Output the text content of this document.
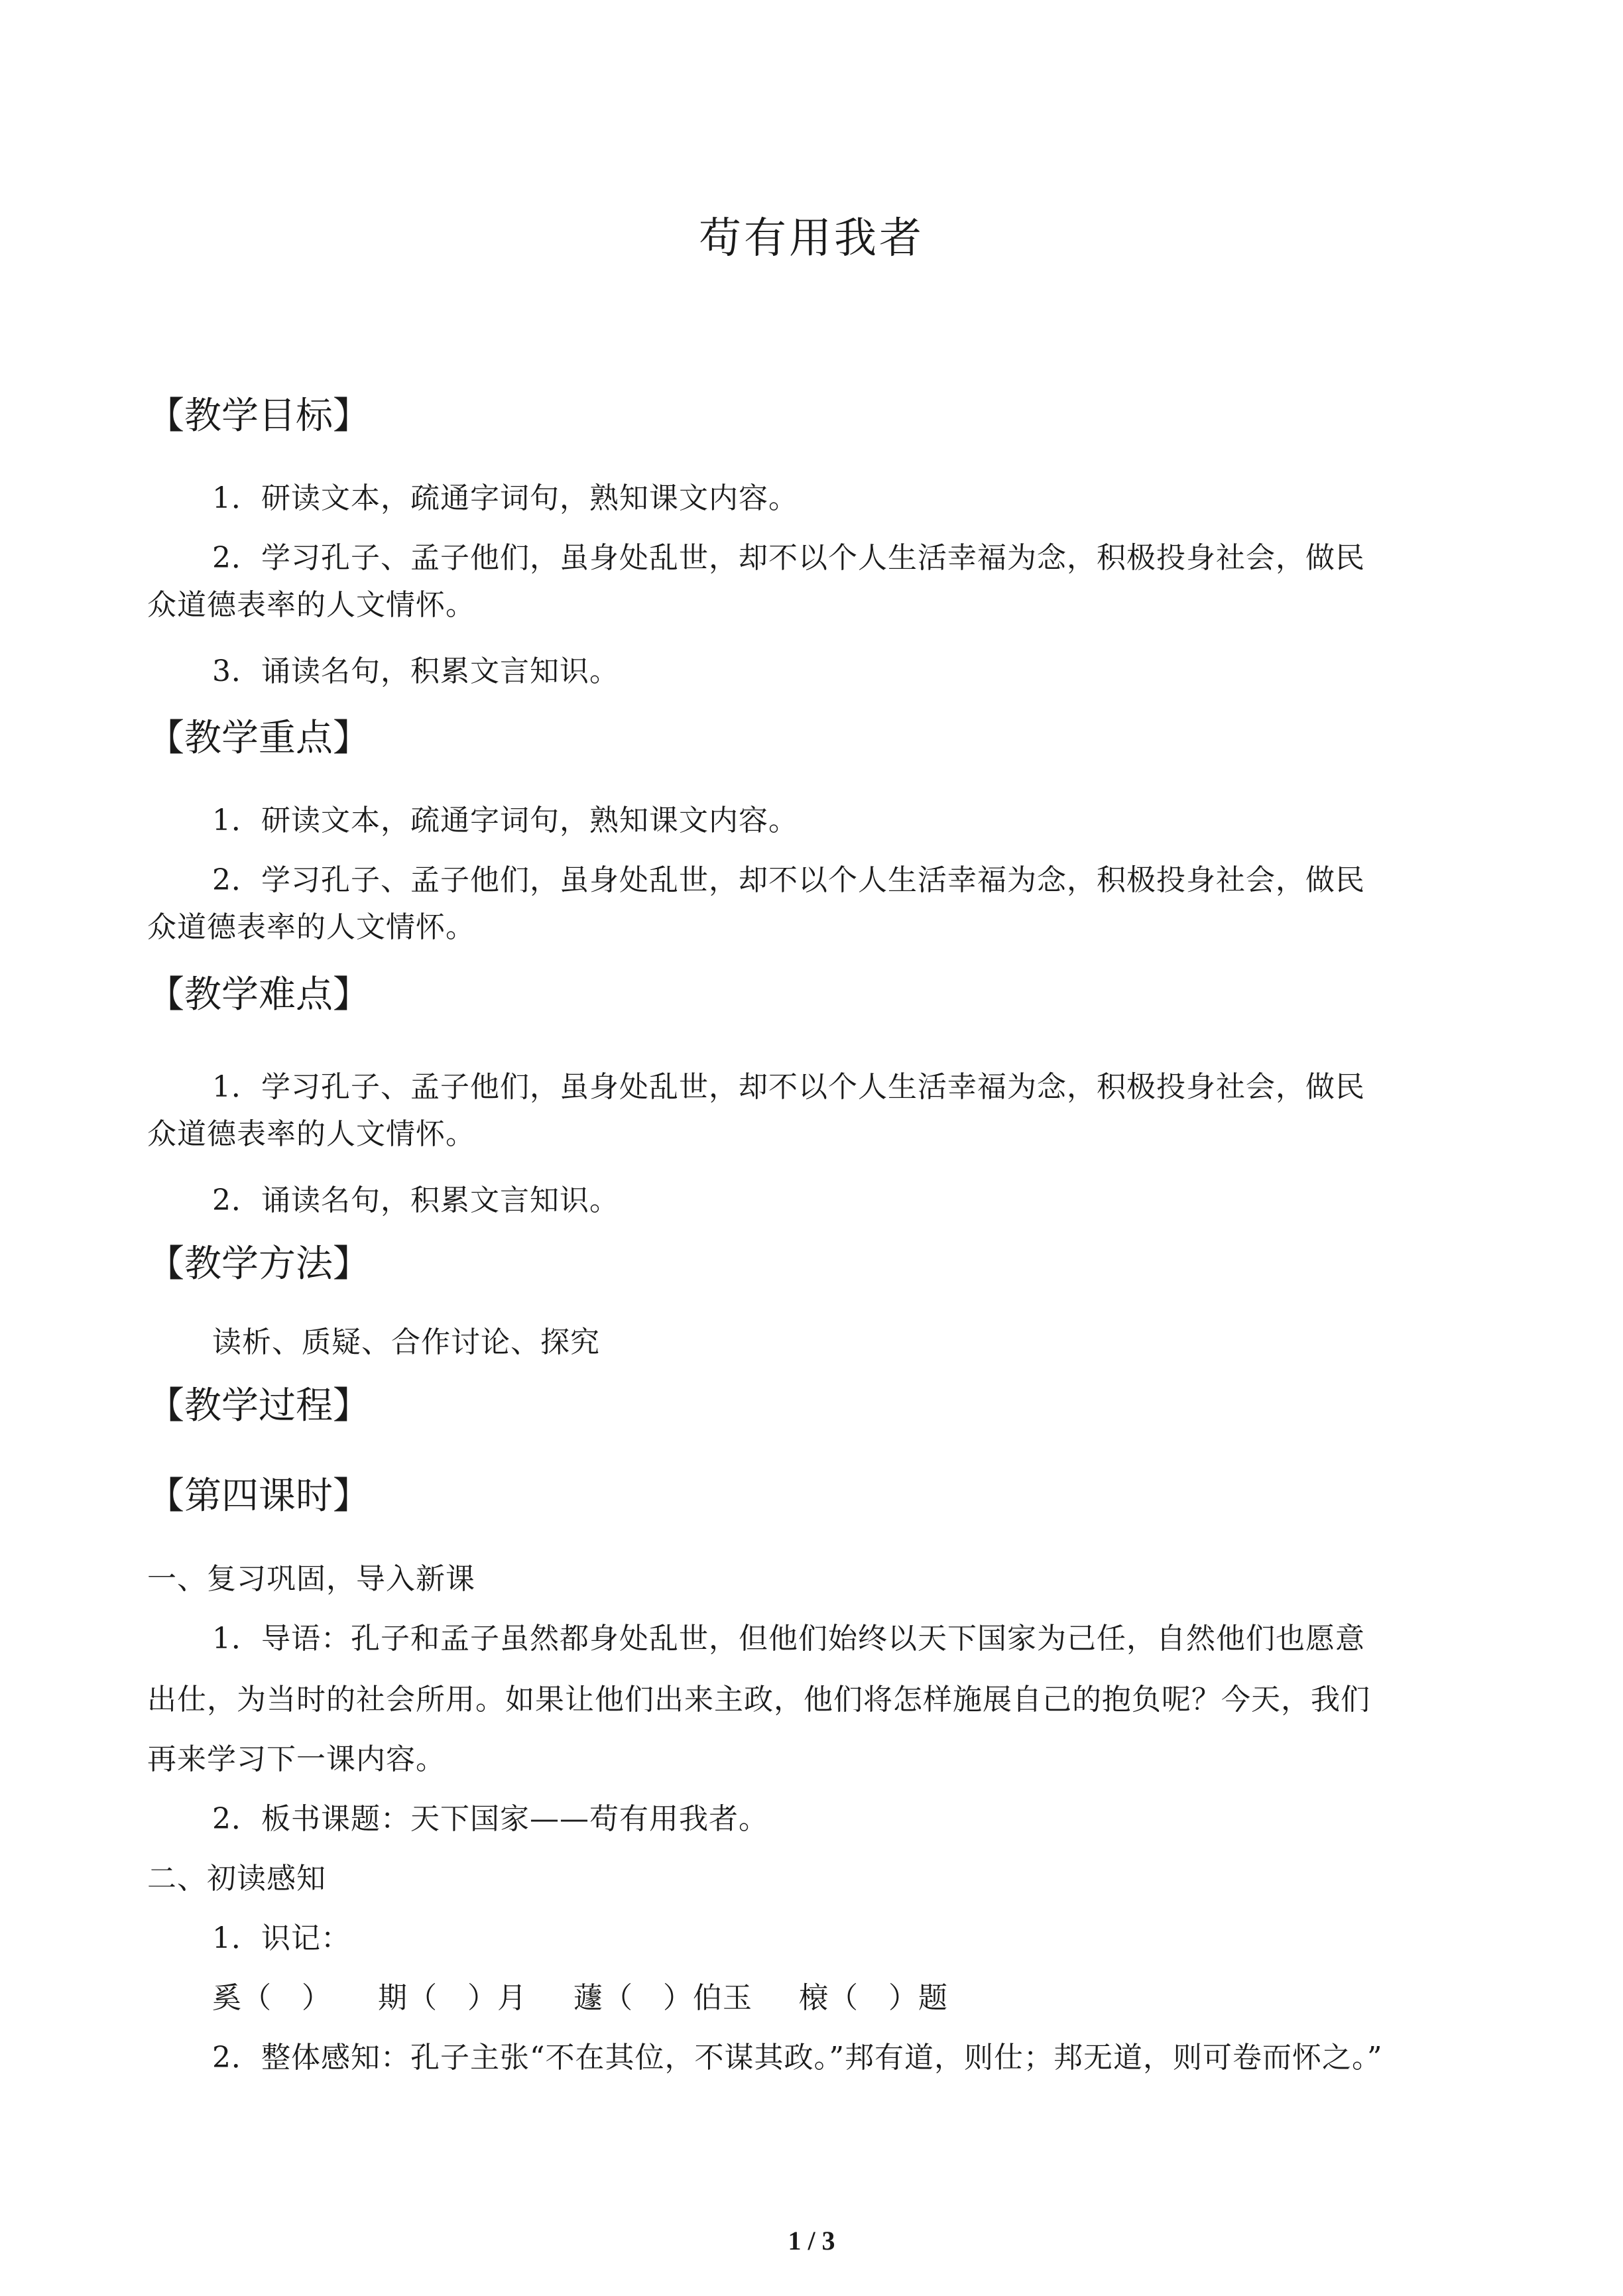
苟有用我者
【教学目标】
1．研读文本，疏通字词句，熟知课文内容。
2．学习孔子、孟子他们，虽身处乱世，却不以个人生活幸福为念，积极投身社会，做民
众道德表率的人文情怀。
3．诵读名句，积累文言知识。
【教学重点】
1．研读文本，疏通字词句，熟知课文内容。
2．学习孔子、孟子他们，虽身处乱世，却不以个人生活幸福为念，积极投身社会，做民
众道德表率的人文情怀。
【教学难点】
1．学习孔子、孟子他们，虽身处乱世，却不以个人生活幸福为念，积极投身社会，做民
众道德表率的人文情怀。
2．诵读名句，积累文言知识。
【教学方法】
读析、质疑、合作讨论、探究
【教学过程】
【第四课时】
一、复习巩固，导入新课
1．导语：孔子和孟子虽然都身处乱世，但他们始终以天下国家为己任，自然他们也愿意
出仕，为当时的社会所用。如果让他们出来主政，他们将怎样施展自己的抱负呢？今天，我们
再来学习下一课内容。
2．板书课题：天下国家——苟有用我者。
二、初读感知
1．识记：
奚（　） 期（　）月 蘧（　）伯玉 榱（　）题
2．整体感知：孔子主张“不在其位，不谋其政。”邦有道，则仕；邦无道，则可卷而怀之。”
1 / 3
